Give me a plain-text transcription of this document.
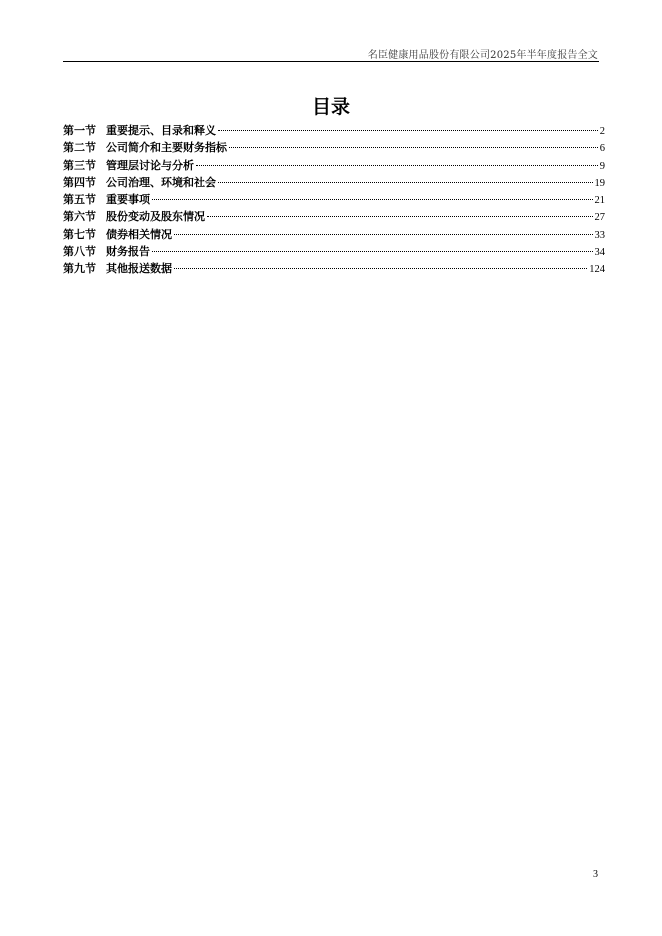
名臣健康用品股份有限公司2025年半年度报告全文
目录
第一节 重要提示、目录和释义	2
第二节 公司简介和主要财务指标	6
第三节 管理层讨论与分析	9
第四节 公司治理、环境和社会	19
第五节 重要事项	21
第六节 股份变动及股东情况	27
第七节 债券相关情况	33
第八节 财务报告	34
第九节 其他报送数据	124
3
